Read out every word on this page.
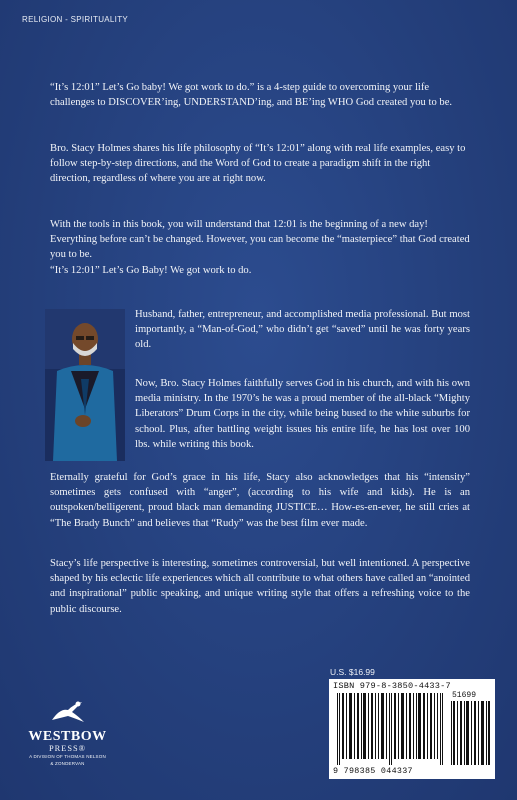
RELIGION - SPIRITUALITY

“It’s 12:01” Let’s Go baby! We got work to do.” is a 4-step guide to overcoming your life challenges to DISCOVER’ing, UNDERSTAND’ing, and BE’ing WHO God created you to be.

Bro. Stacy Holmes shares his life philosophy of “It’s 12:01” along with real life examples, easy to follow step-by-step directions, and the Word of God to create a paradigm shift in the right direction, regardless of where you are at right now.

With the tools in this book, you will understand that 12:01 is the beginning of a new day! Everything before can’t be changed. However, you can become the “masterpiece” that God created you to be.

“It’s 12:01” Let’s Go Baby! We got work to do.

Husband, father, entrepreneur, and accomplished media professional. But most importantly, a “Man-of-God,” who didn’t get “saved” until he was forty years old.

Now, Bro. Stacy Holmes faithfully serves God in his church, and with his own media ministry. In the 1970’s he was a proud member of the all-black “Mighty Liberators” Drum Corps in the city, while being bused to the white suburbs for school. Plus, after battling weight issues his entire life, he has lost over 100 lbs. while writing this book.

Eternally grateful for God’s grace in his life, Stacy also acknowledges that his “intensity” sometimes gets confused with “anger”, (according to his wife and kids). He is an outspoken/belligerent, proud black man demanding JUSTICE… How-es-en-ever, he still cries at “The Brady Bunch” and believes that “Rudy” was the best film ever made.

Stacy’s life perspective is interesting, sometimes controversial, but well intentioned. A perspective shaped by his eclectic life experiences which all contribute to what others have called an “anointed and inspirational” public speaking, and unique writing style that offers a refreshing voice to the public discourse.

U.S. $16.99
ISBN 979-8-3850-4433-7
51699
9 798385 044337
WESTBOW
PRESS®
A DIVISION OF THOMAS NELSON
& ZONDERVAN
